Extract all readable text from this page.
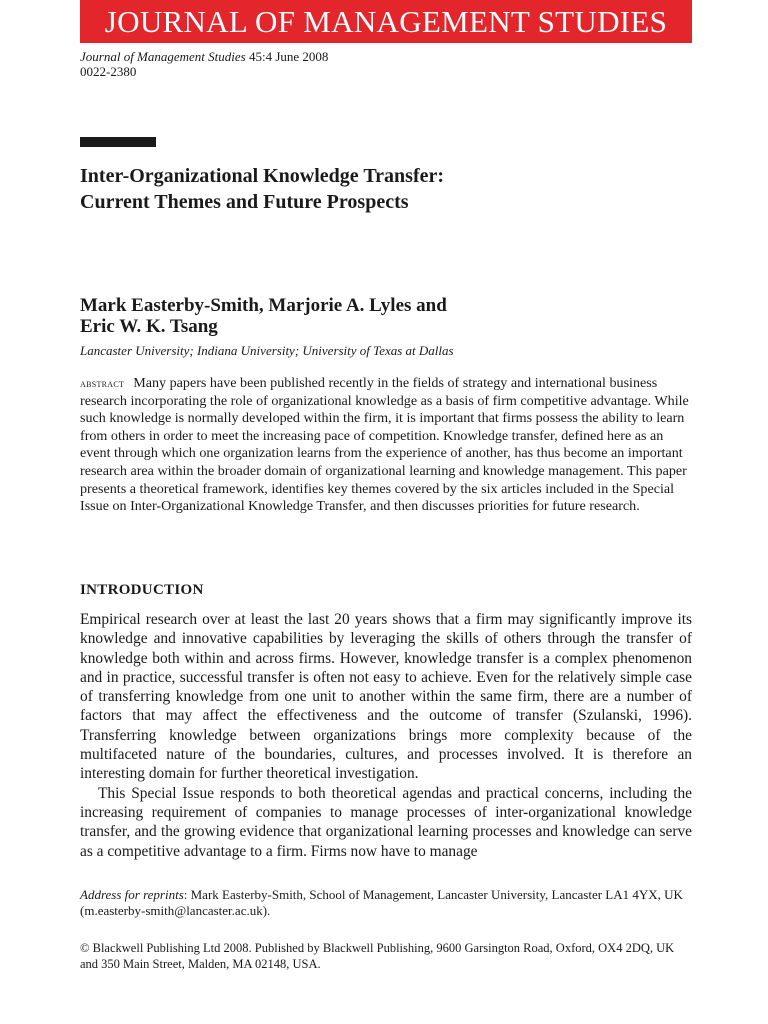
JOURNAL OF MANAGEMENT STUDIES
Journal of Management Studies 45:4 June 2008
0022-2380
Inter-Organizational Knowledge Transfer:
Current Themes and Future Prospects
Mark Easterby-Smith, Marjorie A. Lyles and
Eric W. K. Tsang
Lancaster University; Indiana University; University of Texas at Dallas
abstract Many papers have been published recently in the fields of strategy and international business research incorporating the role of organizational knowledge as a basis of firm competitive advantage. While such knowledge is normally developed within the firm, it is important that firms possess the ability to learn from others in order to meet the increasing pace of competition. Knowledge transfer, defined here as an event through which one organization learns from the experience of another, has thus become an important research area within the broader domain of organizational learning and knowledge management. This paper presents a theoretical framework, identifies key themes covered by the six articles included in the Special Issue on Inter-Organizational Knowledge Transfer, and then discusses priorities for future research.
INTRODUCTION

Empirical research over at least the last 20 years shows that a firm may significantly improve its knowledge and innovative capabilities by leveraging the skills of others through the transfer of knowledge both within and across firms. However, knowledge transfer is a complex phenomenon and in practice, successful transfer is often not easy to achieve. Even for the relatively simple case of transferring knowledge from one unit to another within the same firm, there are a number of factors that may affect the effectiveness and the outcome of transfer (Szulanski, 1996). Transferring knowledge between organizations brings more complexity because of the multifaceted nature of the boundaries, cultures, and processes involved. It is therefore an interesting domain for further theoretical investigation.

This Special Issue responds to both theoretical agendas and practical concerns, including the increasing requirement of companies to manage processes of inter-organizational knowledge transfer, and the growing evidence that organizational learning processes and knowledge can serve as a competitive advantage to a firm. Firms now have to manage

Address for reprints: Mark Easterby-Smith, School of Management, Lancaster University, Lancaster LA1 4YX, UK (m.easterby-smith@lancaster.ac.uk).
© Blackwell Publishing Ltd 2008. Published by Blackwell Publishing, 9600 Garsington Road, Oxford, OX4 2DQ, UK and 350 Main Street, Malden, MA 02148, USA.
